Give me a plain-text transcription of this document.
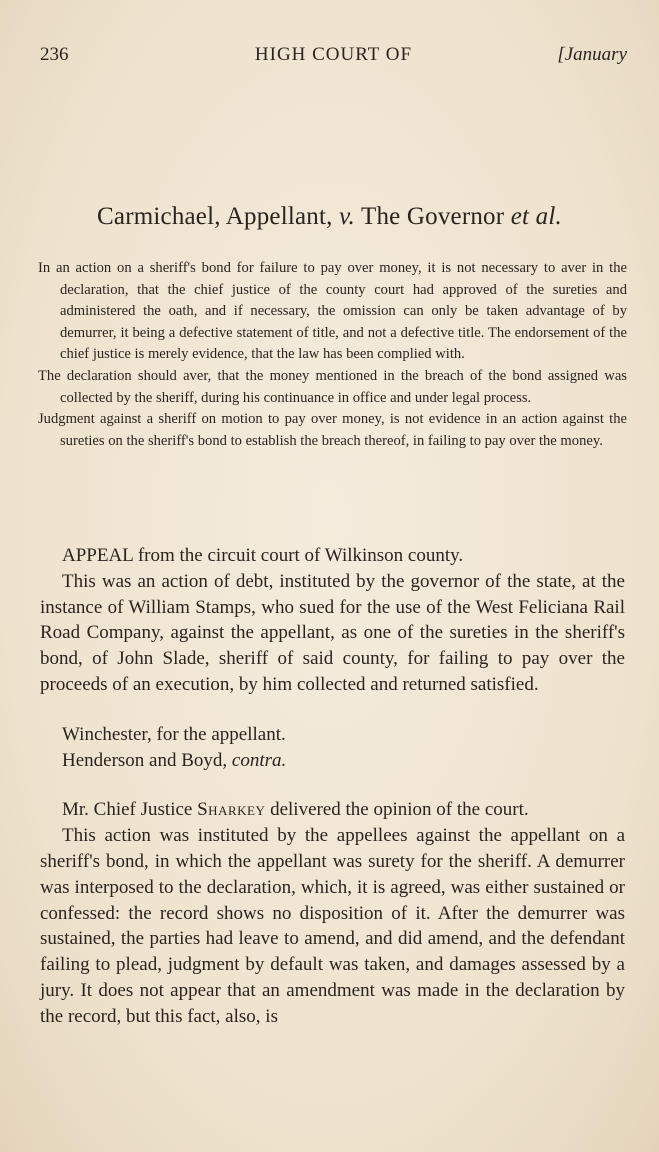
236	HIGH COURT OF	[January
Carmichael, Appellant, v. The Governor et al.

In an action on a sheriff's bond for failure to pay over money, it is not necessary to aver in the declaration, that the chief justice of the county court had approved of the sureties and administered the oath, and if necessary, the omission can only be taken advantage of by demurrer, it being a defective statement of title, and not a defective title. The endorsement of the chief justice is merely evidence, that the law has been complied with.

The declaration should aver, that the money mentioned in the breach of the bond assigned was collected by the sheriff, during his continuance in office and under legal process.

Judgment against a sheriff on motion to pay over money, is not evidence in an action against the sureties on the sheriff's bond to establish the breach thereof, in failing to pay over the money.

APPEAL from the circuit court of Wilkinson county.

This was an action of debt, instituted by the governor of the state, at the instance of William Stamps, who sued for the use of the West Feliciana Rail Road Company, against the appellant, as one of the sureties in the sheriff's bond, of John Slade, sheriff of said county, for failing to pay over the proceeds of an execution, by him collected and returned satisfied.

Winchester, for the appellant.

Henderson and Boyd, contra.

Mr. Chief Justice Sharkey delivered the opinion of the court.

This action was instituted by the appellees against the appellant on a sheriff's bond, in which the appellant was surety for the sheriff. A demurrer was interposed to the declaration, which, it is agreed, was either sustained or confessed: the record shows no disposition of it. After the demurrer was sustained, the parties had leave to amend, and did amend, and the defendant failing to plead, judgment by default was taken, and damages assessed by a jury. It does not appear that an amendment was made in the declaration by the record, but this fact, also, is
